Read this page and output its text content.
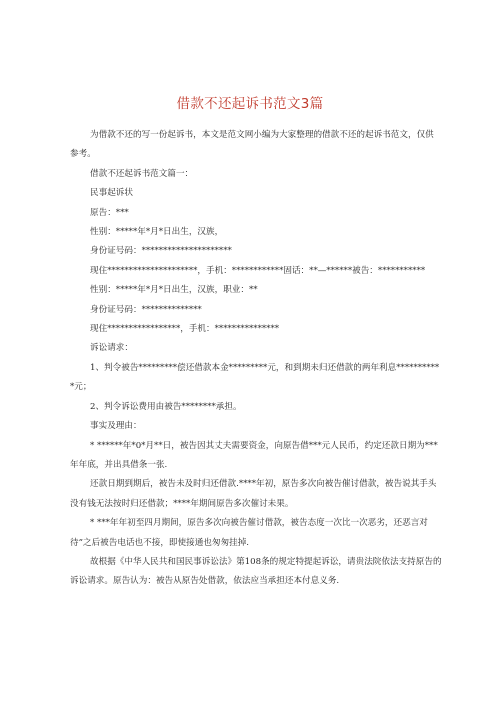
借款不还起诉书范文3篇

为借款不还的写一份起诉书，本文是范文网小编为大家整理的借款不还的起诉书范文，仅供参考。

借款不还起诉书范文篇一：

民事起诉状

原告：***

性别：*****年*月*日出生，汉族，

身份证号码：*********************

现住*********************，手机：************固话：**—******被告：***********

性别：*****年*月*日出生，汉族，职业：**

身份证号码：**************

现住*****************，手机：***************

诉讼请求：

1、判令被告*********偿还借款本金*********元，和到期未归还借款的两年利息***********元；

2、判令诉讼费用由被告********承担。

事实及理由：

* ******年*0*月**日，被告因其丈夫需要资金，向原告借***元人民币，约定还款日期为***年年底，并出具借条一张.

还款日期到期后，被告未及时归还借款.****年初，原告多次向被告催讨借款，被告说其手头没有钱无法按时归还借款；****年期间原告多次催讨未果。

* ***年年初至四月期间，原告多次向被告催讨借款，被告态度一次比一次恶劣，还恶言对待”之后被告电话也不接，即使接通也匆匆挂掉.

故根据《中华人民共和国民事诉讼法》第108条的规定特提起诉讼，请贵法院依法支持原告的诉讼请求。原告认为：被告从原告处借款，依法应当承担还本付息义务.
